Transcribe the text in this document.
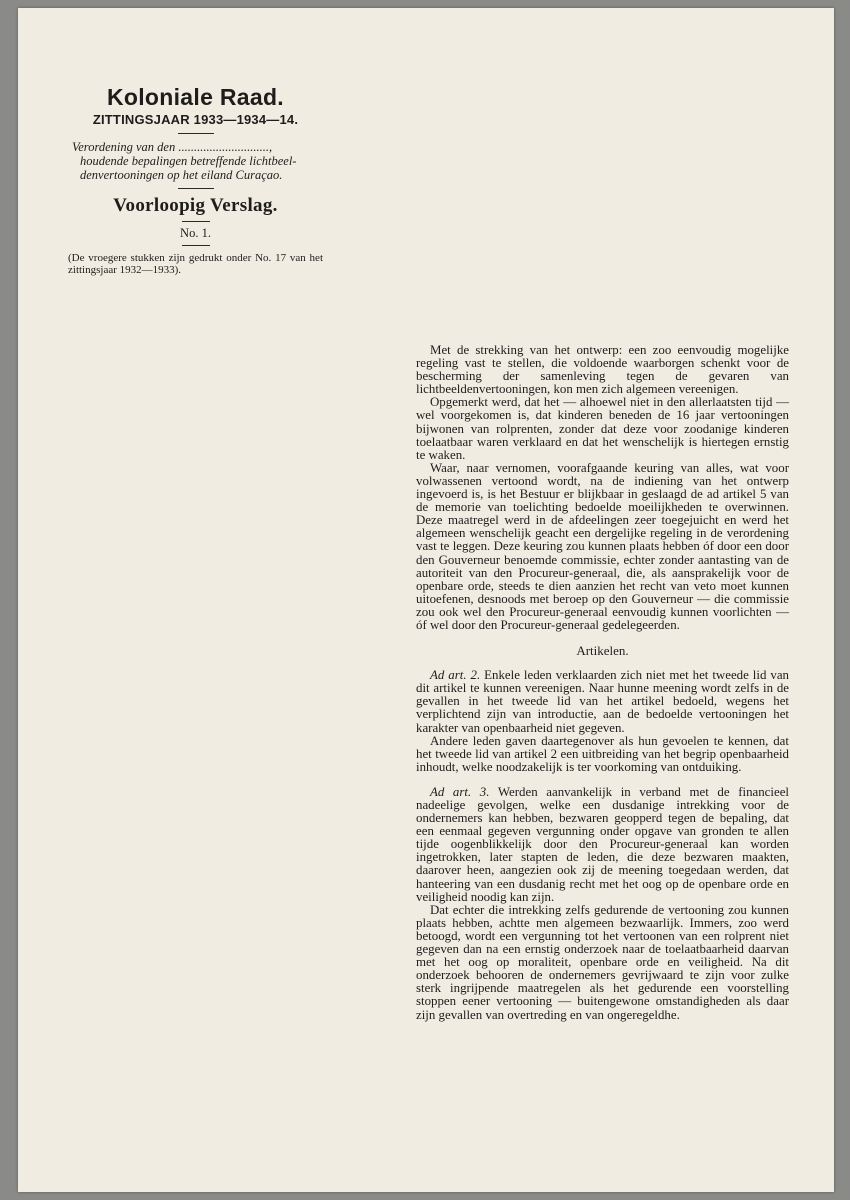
Koloniale Raad.
ZITTINGSJAAR 1933—1934—14.
Verordening van den .............................,
houdende bepalingen betreffende lichtbeel-
denvertooningen op het eiland Curaçao.
Voorloopig Verslag.
No. 1.
(De vroegere stukken zijn gedrukt onder No. 17 van het zittingsjaar 1932—1933).

Met de strekking van het ontwerp: een zoo eenvoudig mogelijke regeling vast te stellen, die voldoende waarborgen schenkt voor de bescherming der samenleving tegen de gevaren van lichtbeeldenvertooningen, kon men zich algemeen vereenigen.

Opgemerkt werd, dat het — alhoewel niet in den allerlaatsten tijd — wel voorgekomen is, dat kinderen beneden de 16 jaar vertooningen bijwonen van rolprenten, zonder dat deze voor zoodanige kinderen toelaatbaar waren verklaard en dat het wenschelijk is hiertegen ernstig te waken.

Waar, naar vernomen, voorafgaande keuring van alles, wat voor volwassenen vertoond wordt, na de indiening van het ontwerp ingevoerd is, is het Bestuur er blijkbaar in geslaagd de ad artikel 5 van de memorie van toelichting bedoelde moeilijkheden te overwinnen. Deze maatregel werd in de afdeelingen zeer toegejuicht en werd het algemeen wenschelijk geacht een dergelijke regeling in de verordening vast te leggen. Deze keuring zou kunnen plaats hebben óf door een door den Gouverneur benoemde commissie, echter zonder aantasting van de autoriteit van den Procureur-generaal, die, als aansprakelijk voor de openbare orde, steeds te dien aanzien het recht van veto moet kunnen uitoefenen, desnoods met beroep op den Gouverneur — die commissie zou ook wel den Procureur-generaal eenvoudig kunnen voorlichten — óf wel door den Procureur-generaal gedelegeerden.

Artikelen.

Ad art. 2. Enkele leden verklaarden zich niet met het tweede lid van dit artikel te kunnen vereenigen. Naar hunne meening wordt zelfs in de gevallen in het tweede lid van het artikel bedoeld, wegens het verplichtend zijn van introductie, aan de bedoelde vertooningen het karakter van openbaarheid niet gegeven.

Andere leden gaven daartegenover als hun gevoelen te kennen, dat het tweede lid van artikel 2 een uitbreiding van het begrip openbaarheid inhoudt, welke noodzakelijk is ter voorkoming van ontduiking.

Ad art. 3. Werden aanvankelijk in verband met de financieel nadeelige gevolgen, welke een dusdanige intrekking voor de ondernemers kan hebben, bezwaren geopperd tegen de bepaling, dat een eenmaal gegeven vergunning onder opgave van gronden te allen tijde oogenblikkelijk door den Procureur-generaal kan worden ingetrokken, later stapten de leden, die deze bezwaren maakten, daarover heen, aangezien ook zij de meening toegedaan werden, dat hanteering van een dusdanig recht met het oog op de openbare orde en veiligheid noodig kan zijn.

Dat echter die intrekking zelfs gedurende de vertooning zou kunnen plaats hebben, achtte men algemeen bezwaarlijk. Immers, zoo werd betoogd, wordt een vergunning tot het vertoonen van een rolprent niet gegeven dan na een ernstig onderzoek naar de toelaatbaarheid daarvan met het oog op moraliteit, openbare orde en veiligheid. Na dit onderzoek behooren de ondernemers gevrijwaard te zijn voor zulke sterk ingrijpende maatregelen als het gedurende een voorstelling stoppen eener vertooning — buitengewone omstandigheden als daar zijn gevallen van overtreding en van ongeregeldhe.
